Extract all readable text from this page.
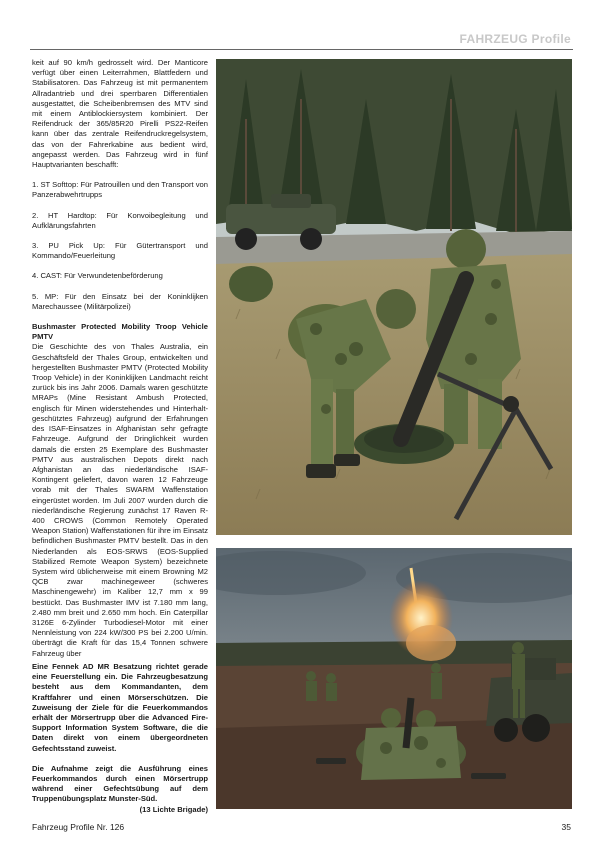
FAHRZEUG Profile

keit auf 90 km/h gedrosselt wird. Der Manticore verfügt über einen Leiterrahmen, Blattfedern und Stabilisatoren. Das Fahrzeug ist mit permanentem Allradantrieb und drei sperrbaren Differentialen ausgestattet, die Scheibenbremsen des MTV sind mit einem Antiblockiersystem kombiniert. Der Reifendruck der 365/85R20 Pirelli PS22-Reifen kann über das zentrale Reifendruckregelsystem, das von der Fahrerkabine aus bedient wird, angepasst werden. Das Fahrzeug wird in fünf Hauptvarianten beschafft:

1. ST Softtop: Für Patrouillen und den Transport von Panzerabwehrtrupps

2. HT Hardtop: Für Konvoibegleitung und Aufklärungsfahrten

3. PU Pick Up: Für Gütertransport und Kommando/Feuerleitung

4. CAST: Für Verwundetenbeförderung

5. MP: Für den Einsatz bei der Koninklijken Marechaussee (Militärpolizei)

Bushmaster Protected Mobility Troop Vehicle PMTV

Die Geschichte des von Thales Australia, ein Geschäftsfeld der Thales Group, entwickelten und hergestellten Bushmaster PMTV (Protected Mobility Troop Vehicle) in der Koninklijken Landmacht reicht zurück bis ins Jahr 2006. Damals waren geschützte MRAPs (Mine Resistant Ambush Protected, englisch für Minen widerstehendes und Hinterhalt-geschütztes Fahrzeug) aufgrund der Erfahrungen des ISAF-Einsatzes in Afghanistan sehr gefragte Fahrzeuge. Aufgrund der Dringlichkeit wurden damals die ersten 25 Exemplare des Bushmaster PMTV aus australischen Depots direkt nach Afghanistan an das niederländische ISAF-Kontingent geliefert, davon waren 12 Fahrzeuge vorab mit der Thales SWARM Waffenstation eingerüstet worden. Im Juli 2007 wurden durch die niederländische Regierung zunächst 17 Raven R-400 CROWS (Common Remotely Operated Weapon Station) Waffenstationen für ihre im Einsatz befindlichen Bushmaster PMTV bestellt. Das in den Niederlanden als EOS-SRWS (EOS-Supplied Stabilized Remote Weapon System) bezeichnete System wird üblicherweise mit einem Browning M2 QCB zwar machinegeweer (schweres Maschinengewehr) im Kaliber 12,7 mm x 99 bestückt. Das Bushmaster IMV ist 7.180 mm lang, 2.480 mm breit und 2.650 mm hoch. Ein Caterpillar 3126E 6-Zylinder Turbodiesel-Motor mit einer Nennleistung von 224 kW/300 PS bei 2.200 U/min. überträgt die Kraft für das 15,4 Tonnen schwere Fahrzeug über

Eine Fennek AD MR Besatzung richtet gerade eine Feuerstellung ein. Die Fahrzeugbesatzung besteht aus dem Kommandanten, dem Kraftfahrer und einen Mörserschützen. Die Zuweisung der Ziele für die Feuerkommandos erhält der Mörsertrupp über die Advanced Fire-Support Information System Software, die die Daten direkt von einem übergeordneten Gefechtsstand zuweist.

Die Aufnahme zeigt die Ausführung eines Feuerkommandos durch einen Mörsertrupp während einer Gefechtsübung auf dem Truppenübungsplatz Munster-Süd.

(13 Lichte Brigade)

Fahrzeug Profile Nr. 126	35
